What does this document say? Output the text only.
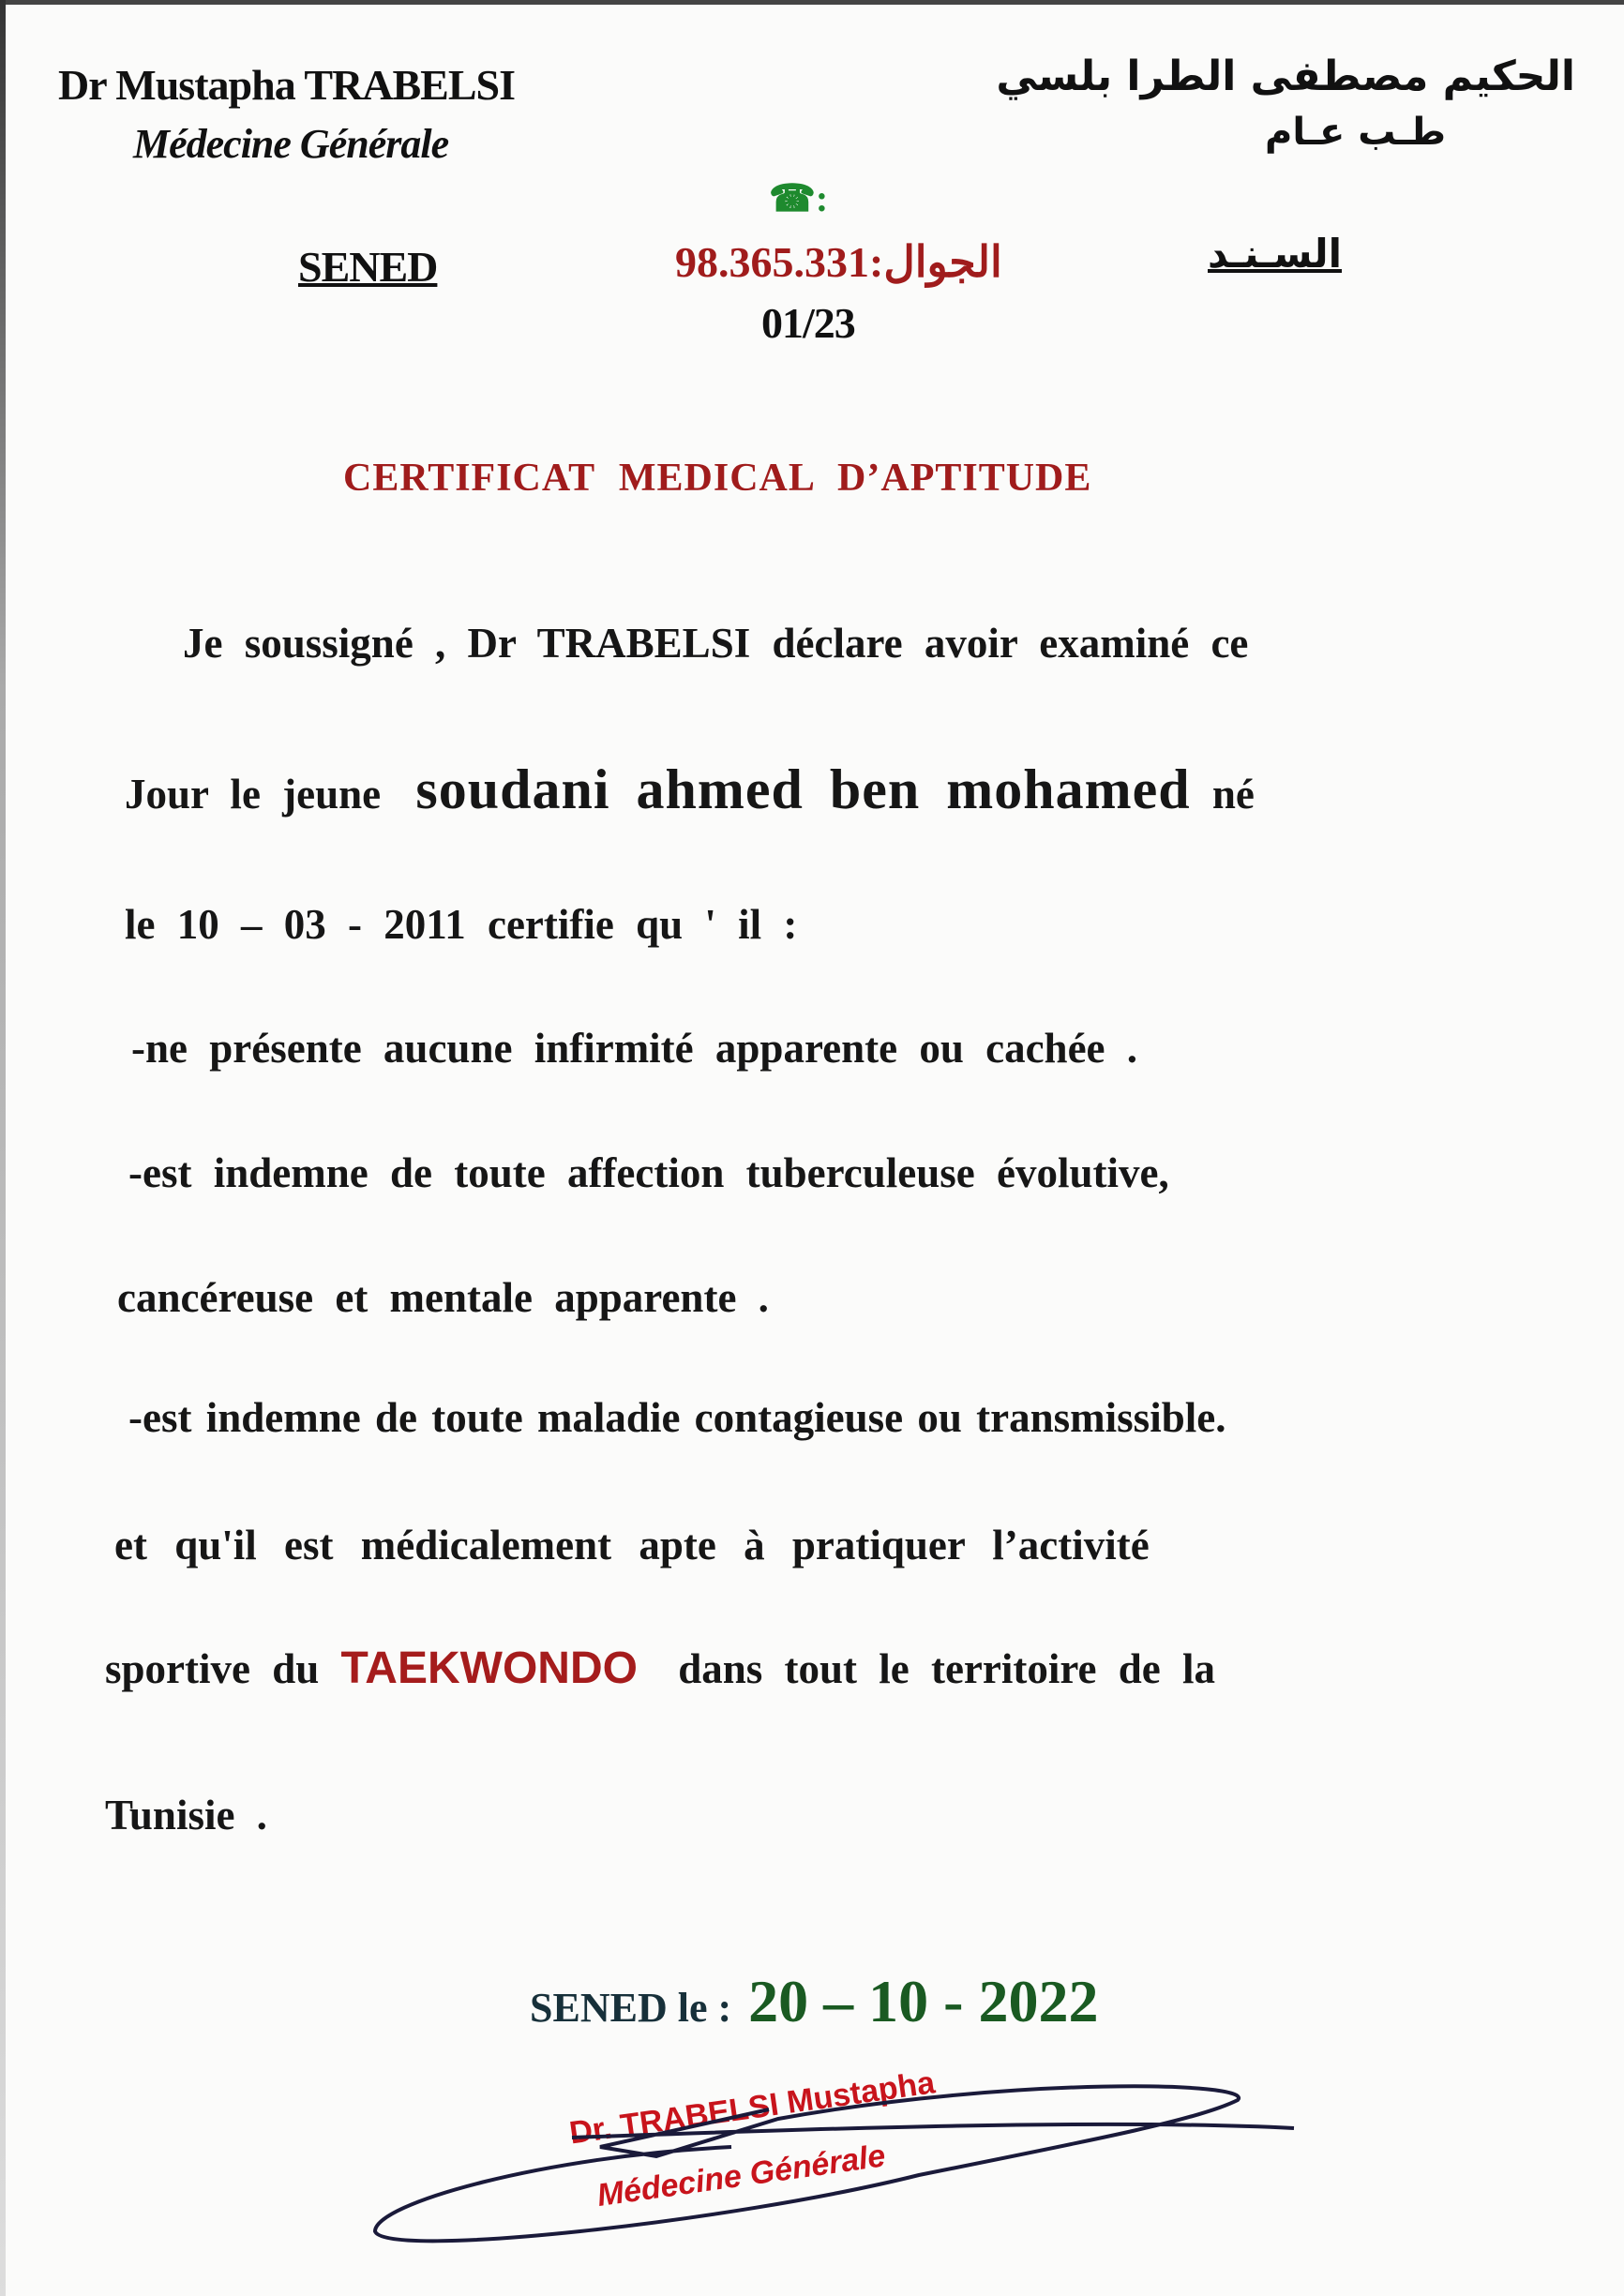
Dr Mustapha TRABELSI
Médecine Générale
الحكيم مصطفى الطرا بلسي
طـب عـام
☎:
SENED	98.365.331:الجوال	السـنـد
01/23
CERTIFICAT MEDICAL D’APTITUDE
Je soussigné , Dr TRABELSI déclare avoir examiné ce
Jour le jeune soudani ahmed ben mohamed né
le 10 – 03 - 2011 certifie qu ' il :
-ne présente aucune infirmité apparente ou cachée .
-est indemne de toute affection tuberculeuse évolutive,
cancéreuse et mentale apparente .
-est indemne de toute maladie contagieuse ou transmissible.
et qu'il est médicalement apte à pratiquer l’activité
sportive du TAEKWONDO dans tout le territoire de la
Tunisie .
SENED le : 20 – 10 - 2022
Dr. TRABELSI Mustapha
Médecine Générale
